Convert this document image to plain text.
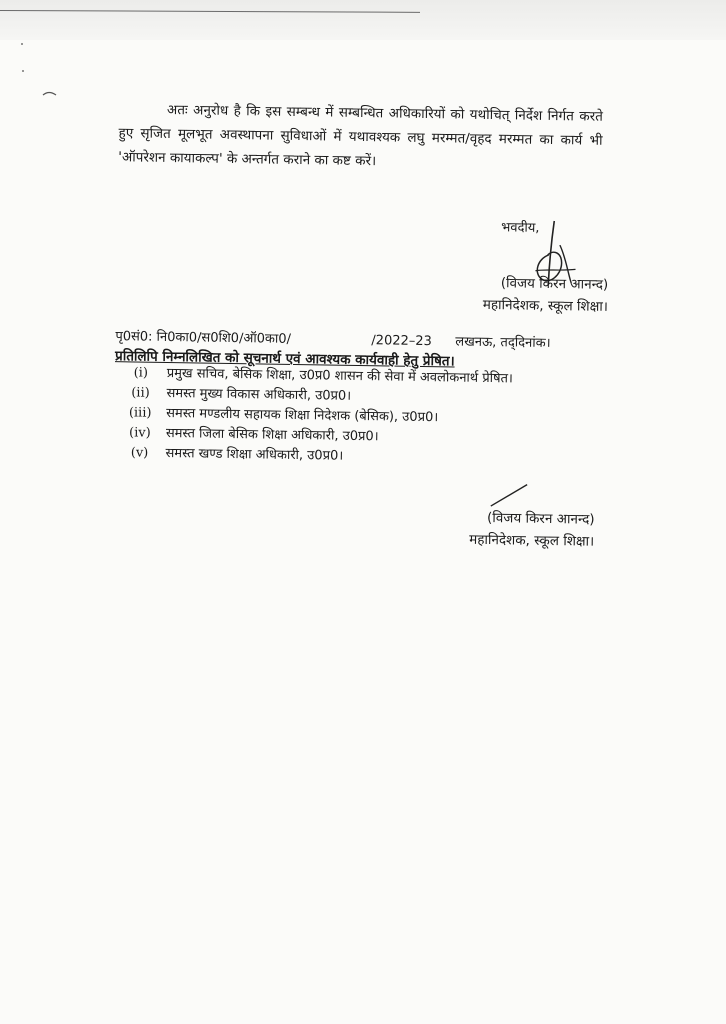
अतः अनुरोध है कि इस सम्बन्ध में सम्बन्धित अधिकारियों को यथोचित् निर्देश निर्गत करते हुए सृजित मूलभूत अवस्थापना सुविधाओं में यथावश्यक लघु मरम्मत/वृहद मरम्मत का कार्य भी 'ऑपरेशन कायाकल्प' के अन्तर्गत कराने का कष्ट करें।

भवदीय,
(विजय किरन आनन्द)
महानिदेशक, स्कूल शिक्षा।
पृ0सं0: नि0का0/स0शि0/ऑ0का0/	/2022–23 लखनऊ, तद्‌दिनांक।
प्रतिलिपि निम्नलिखित को सूचनार्थ एवं आवश्यक कार्यवाही हेतु प्रेषित।
(i)	प्रमुख सचिव, बेसिक शिक्षा, उ0प्र0 शासन की सेवा में अवलोकनार्थ प्रेषित।
(ii)	समस्त मुख्य विकास अधिकारी, उ0प्र0।
(iii)	समस्त मण्डलीय सहायक शिक्षा निदेशक (बेसिक), उ0प्र0।
(iv)	समस्त जिला बेसिक शिक्षा अधिकारी, उ0प्र0।
(v)	समस्त खण्ड शिक्षा अधिकारी, उ0प्र0।
(विजय किरन आनन्द)
महानिदेशक, स्कूल शिक्षा।
